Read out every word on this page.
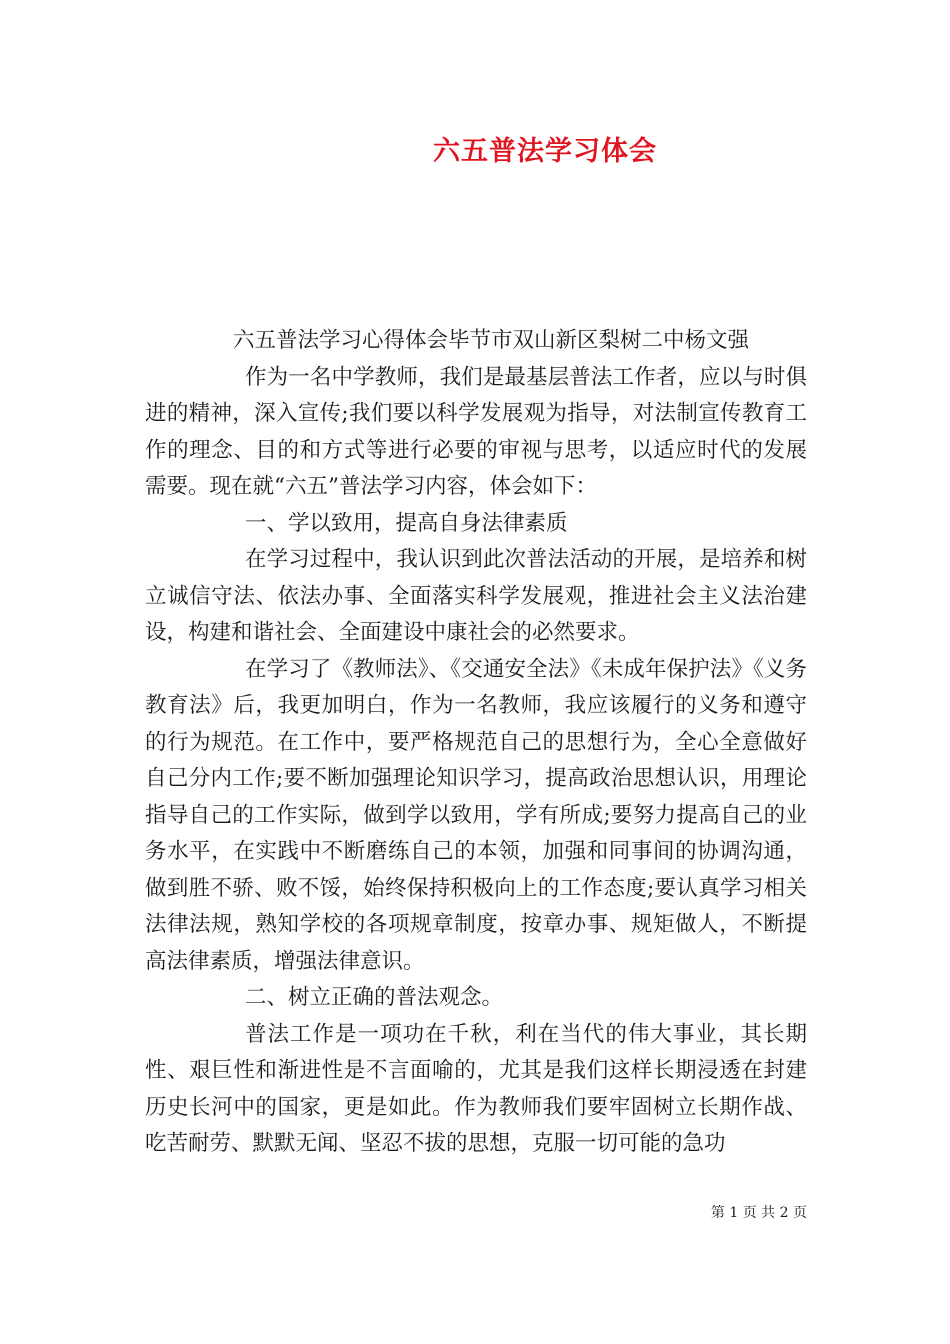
六五普法学习体会

六五普法学习心得体会毕节市双山新区梨树二中杨文强

作为一名中学教师，我们是最基层普法工作者，应以与时俱进的精神，深入宣传;我们要以科学发展观为指导，对法制宣传教育工作的理念、目的和方式等进行必要的审视与思考，以适应时代的发展需要。现在就“六五”普法学习内容，体会如下：

一、学以致用，提高自身法律素质

在学习过程中，我认识到此次普法活动的开展，是培养和树立诚信守法、依法办事、全面落实科学发展观，推进社会主义法治建设，构建和谐社会、全面建设中康社会的必然要求。

在学习了《教师法》、《交通安全法》《未成年保护法》《义务教育法》后，我更加明白，作为一名教师，我应该履行的义务和遵守的行为规范。在工作中，要严格规范自己的思想行为，全心全意做好自己分内工作;要不断加强理论知识学习，提高政治思想认识，用理论指导自己的工作实际，做到学以致用，学有所成;要努力提高自己的业务水平，在实践中不断磨练自己的本领，加强和同事间的协调沟通，做到胜不骄、败不馁，始终保持积极向上的工作态度;要认真学习相关法律法规，熟知学校的各项规章制度，按章办事、规矩做人，不断提高法律素质，增强法律意识。

二、树立正确的普法观念。

普法工作是一项功在千秋，利在当代的伟大事业，其长期性、艰巨性和渐进性是不言面喻的，尤其是我们这样长期浸透在封建历史长河中的国家，更是如此。作为教师我们要牢固树立长期作战、吃苦耐劳、默默无闻、坚忍不拔的思想，克服一切可能的急功

第 1 页 共 2 页
